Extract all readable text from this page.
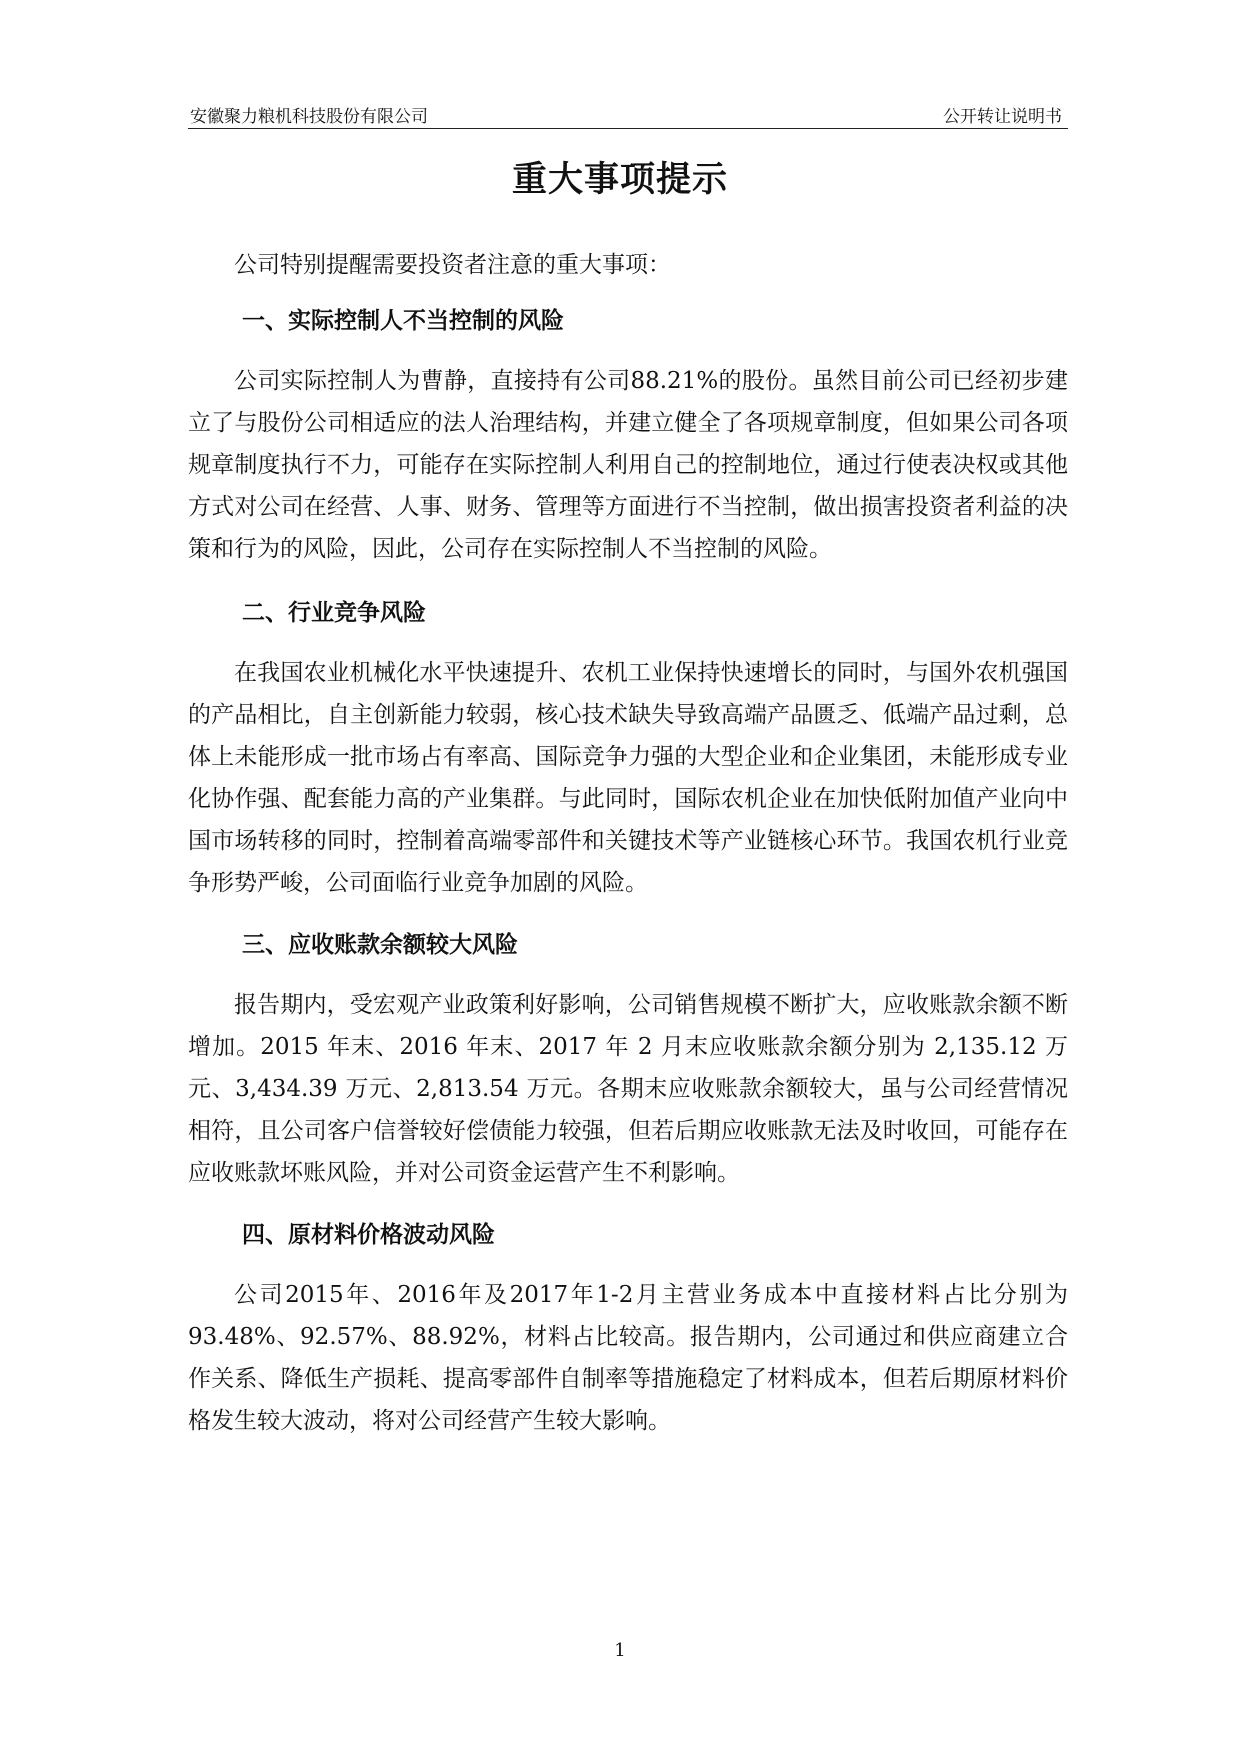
安徽聚力粮机科技股份有限公司	公开转让说明书
重大事项提示

公司特别提醒需要投资者注意的重大事项：

一、实际控制人不当控制的风险

公司实际控制人为曹静，直接持有公司88.21%的股份。虽然目前公司已经初步建立了与股份公司相适应的法人治理结构，并建立健全了各项规章制度，但如果公司各项规章制度执行不力，可能存在实际控制人利用自己的控制地位，通过行使表决权或其他方式对公司在经营、人事、财务、管理等方面进行不当控制，做出损害投资者利益的决策和行为的风险，因此，公司存在实际控制人不当控制的风险。

二、行业竞争风险

在我国农业机械化水平快速提升、农机工业保持快速增长的同时，与国外农机强国的产品相比，自主创新能力较弱，核心技术缺失导致高端产品匮乏、低端产品过剩，总体上未能形成一批市场占有率高、国际竞争力强的大型企业和企业集团，未能形成专业化协作强、配套能力高的产业集群。与此同时，国际农机企业在加快低附加值产业向中国市场转移的同时，控制着高端零部件和关键技术等产业链核心环节。我国农机行业竞争形势严峻，公司面临行业竞争加剧的风险。

三、应收账款余额较大风险

报告期内，受宏观产业政策利好影响，公司销售规模不断扩大，应收账款余额不断增加。2015 年末、2016 年末、2017 年 2 月末应收账款余额分别为 2,135.12 万元、3,434.39 万元、2,813.54 万元。各期末应收账款余额较大，虽与公司经营情况相符，且公司客户信誉较好偿债能力较强，但若后期应收账款无法及时收回，可能存在应收账款坏账风险，并对公司资金运营产生不利影响。

四、原材料价格波动风险

公司2015年、2016年及2017年1-2月主营业务成本中直接材料占比分别为93.48%、92.57%、88.92%，材料占比较高。报告期内，公司通过和供应商建立合作关系、降低生产损耗、提高零部件自制率等措施稳定了材料成本，但若后期原材料价格发生较大波动，将对公司经营产生较大影响。

1
